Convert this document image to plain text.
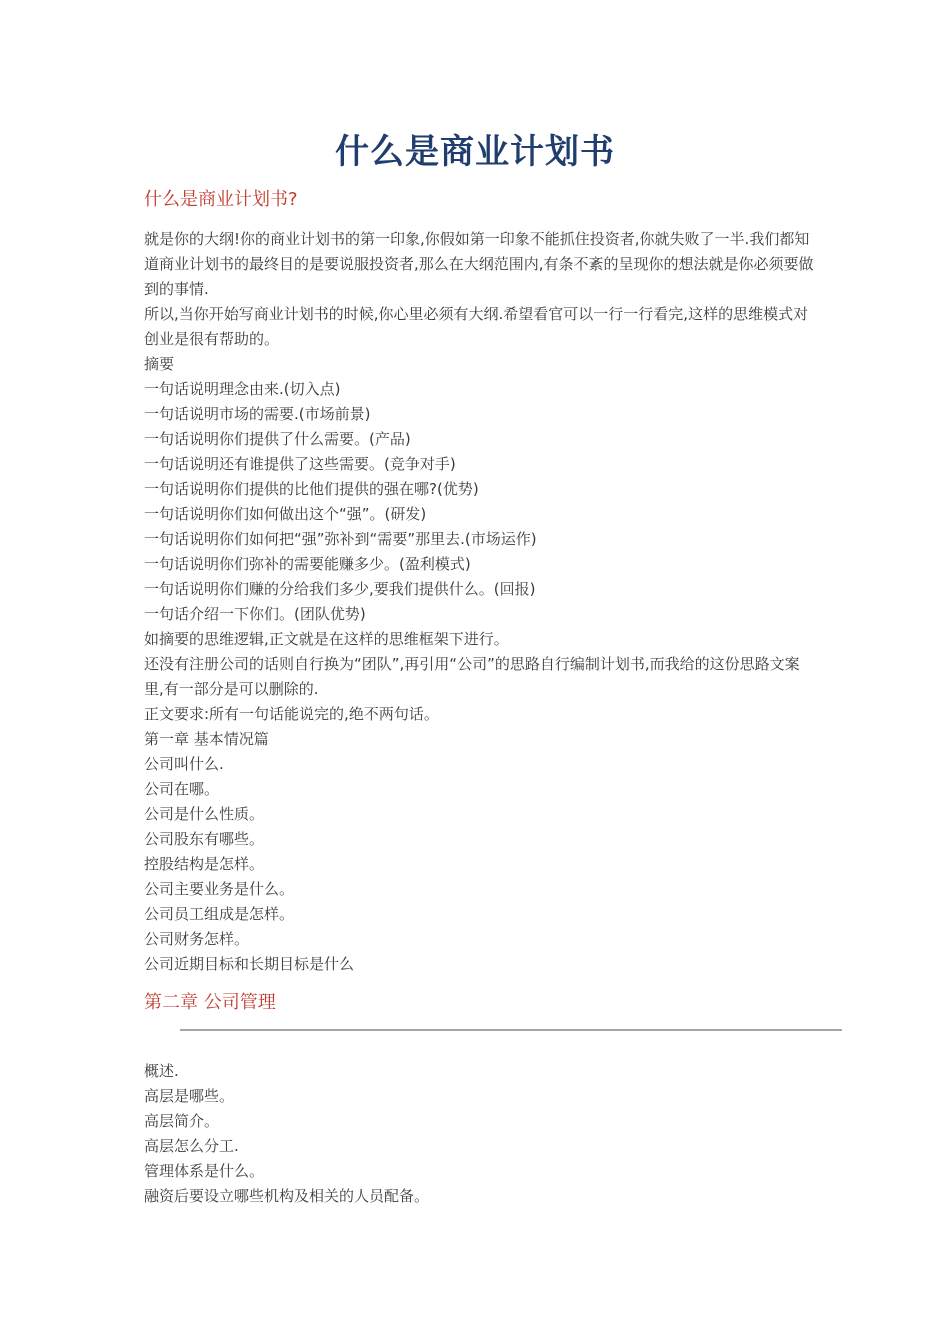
什么是商业计划书
什么是商业计划书?

就是你的大纲!你的商业计划书的第一印象,你假如第一印象不能抓住投资者,你就失败了一半.我们都知道商业计划书的最终目的是要说服投资者,那么在大纲范围内,有条不紊的呈现你的想法就是你必须要做到的事情.

所以,当你开始写商业计划书的时候,你心里必须有大纲.希望看官可以一行一行看完,这样的思维模式对创业是很有帮助的。

摘要

一句话说明理念由来.(切入点)

一句话说明市场的需要.(市场前景)

一句话说明你们提供了什么需要。(产品)

一句话说明还有谁提供了这些需要。(竞争对手)

一句话说明你们提供的比他们提供的强在哪?(优势)

一句话说明你们如何做出这个“强”。(研发)

一句话说明你们如何把“强”弥补到“需要”那里去.(市场运作)

一句话说明你们弥补的需要能赚多少。(盈利模式)

一句话说明你们赚的分给我们多少,要我们提供什么。(回报)

一句话介绍一下你们。(团队优势)

如摘要的思维逻辑,正文就是在这样的思维框架下进行。

还没有注册公司的话则自行换为“团队”,再引用“公司”的思路自行编制计划书,而我给的这份思路文案里,有一部分是可以删除的.

正文要求:所有一句话能说完的,绝不两句话。

第一章 基本情况篇

公司叫什么.

公司在哪。

公司是什么性质。

公司股东有哪些。

控股结构是怎样。

公司主要业务是什么。

公司员工组成是怎样。

公司财务怎样。

公司近期目标和长期目标是什么

第二章 公司管理

概述.

高层是哪些。

高层简介。

高层怎么分工.

管理体系是什么。

融资后要设立哪些机构及相关的人员配备。
